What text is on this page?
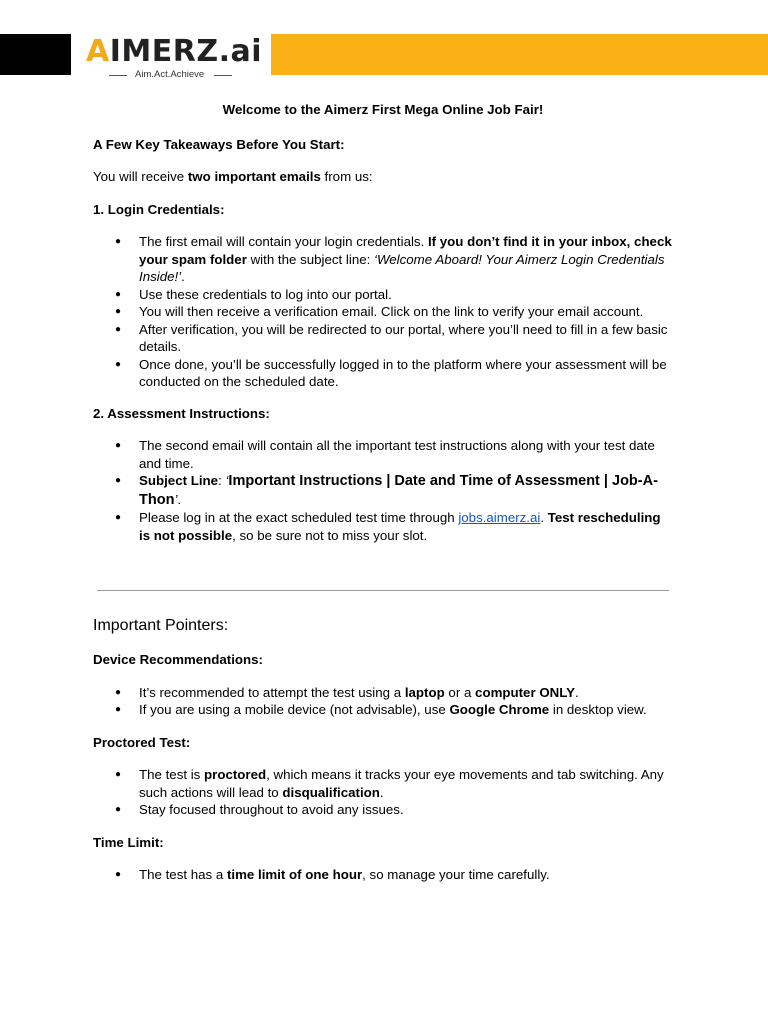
AIMERZ.ai
Aim.Act.Achieve

Welcome to the Aimerz First Mega Online Job Fair!

A Few Key Takeaways Before You Start:

You will receive two important emails from us:

1. Login Credentials:

● The first email will contain your login credentials. If you don’t find it in your inbox, check your spam folder with the subject line: ‘Welcome Aboard! Your Aimerz Login Credentials Inside!’.
● Use these credentials to log into our portal.
● You will then receive a verification email. Click on the link to verify your email account.
● After verification, you will be redirected to our portal, where you’ll need to fill in a few basic details.
● Once done, you’ll be successfully logged in to the platform where your assessment will be conducted on the scheduled date.

2. Assessment Instructions:

● The second email will contain all the important test instructions along with your test date and time.
● Subject Line: ‘Important Instructions | Date and Time of Assessment | Job-A-Thon’.
● Please log in at the exact scheduled test time through jobs.aimerz.ai. Test rescheduling is not possible, so be sure not to miss your slot.

Important Pointers:

Device Recommendations:

● It’s recommended to attempt the test using a laptop or a computer ONLY.
● If you are using a mobile device (not advisable), use Google Chrome in desktop view.

Proctored Test:

● The test is proctored, which means it tracks your eye movements and tab switching. Any such actions will lead to disqualification.
● Stay focused throughout to avoid any issues.

Time Limit:

● The test has a time limit of one hour, so manage your time carefully.
